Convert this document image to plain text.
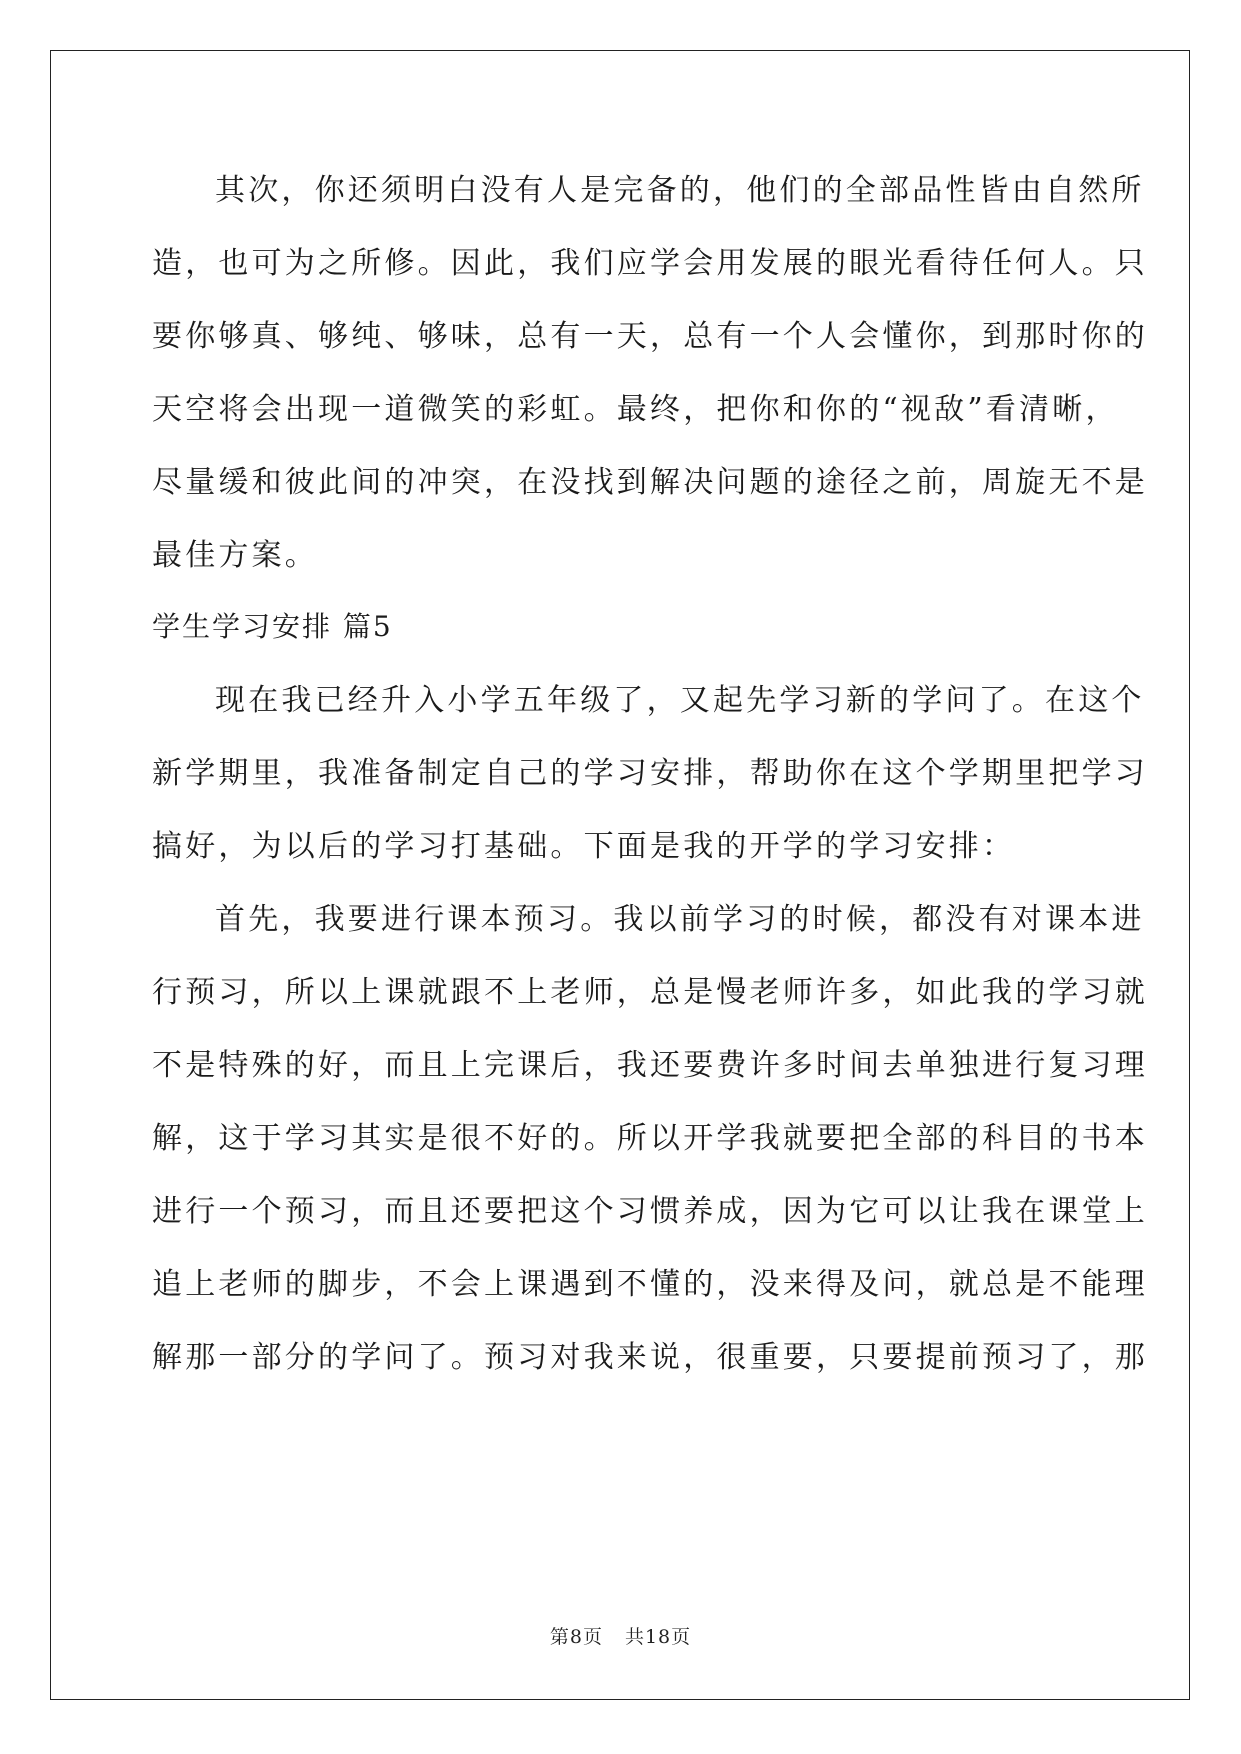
其次，你还须明白没有人是完备的，他们的全部品性皆由自然所
造，也可为之所修。因此，我们应学会用发展的眼光看待任何人。只
要你够真、够纯、够味，总有一天，总有一个人会懂你，到那时你的
天空将会出现一道微笑的彩虹。最终，把你和你的“视敌”看清晰，
尽量缓和彼此间的冲突，在没找到解决问题的途径之前，周旋无不是
最佳方案。
学生学习安排 篇5
现在我已经升入小学五年级了，又起先学习新的学问了。在这个
新学期里，我准备制定自己的学习安排，帮助你在这个学期里把学习
搞好，为以后的学习打基础。下面是我的开学的学习安排：
首先，我要进行课本预习。我以前学习的时候，都没有对课本进
行预习，所以上课就跟不上老师，总是慢老师许多，如此我的学习就
不是特殊的好，而且上完课后，我还要费许多时间去单独进行复习理
解，这于学习其实是很不好的。所以开学我就要把全部的科目的书本
进行一个预习，而且还要把这个习惯养成，因为它可以让我在课堂上
追上老师的脚步，不会上课遇到不懂的，没来得及问，就总是不能理
解那一部分的学问了。预习对我来说，很重要，只要提前预习了，那
第8页 共18页
